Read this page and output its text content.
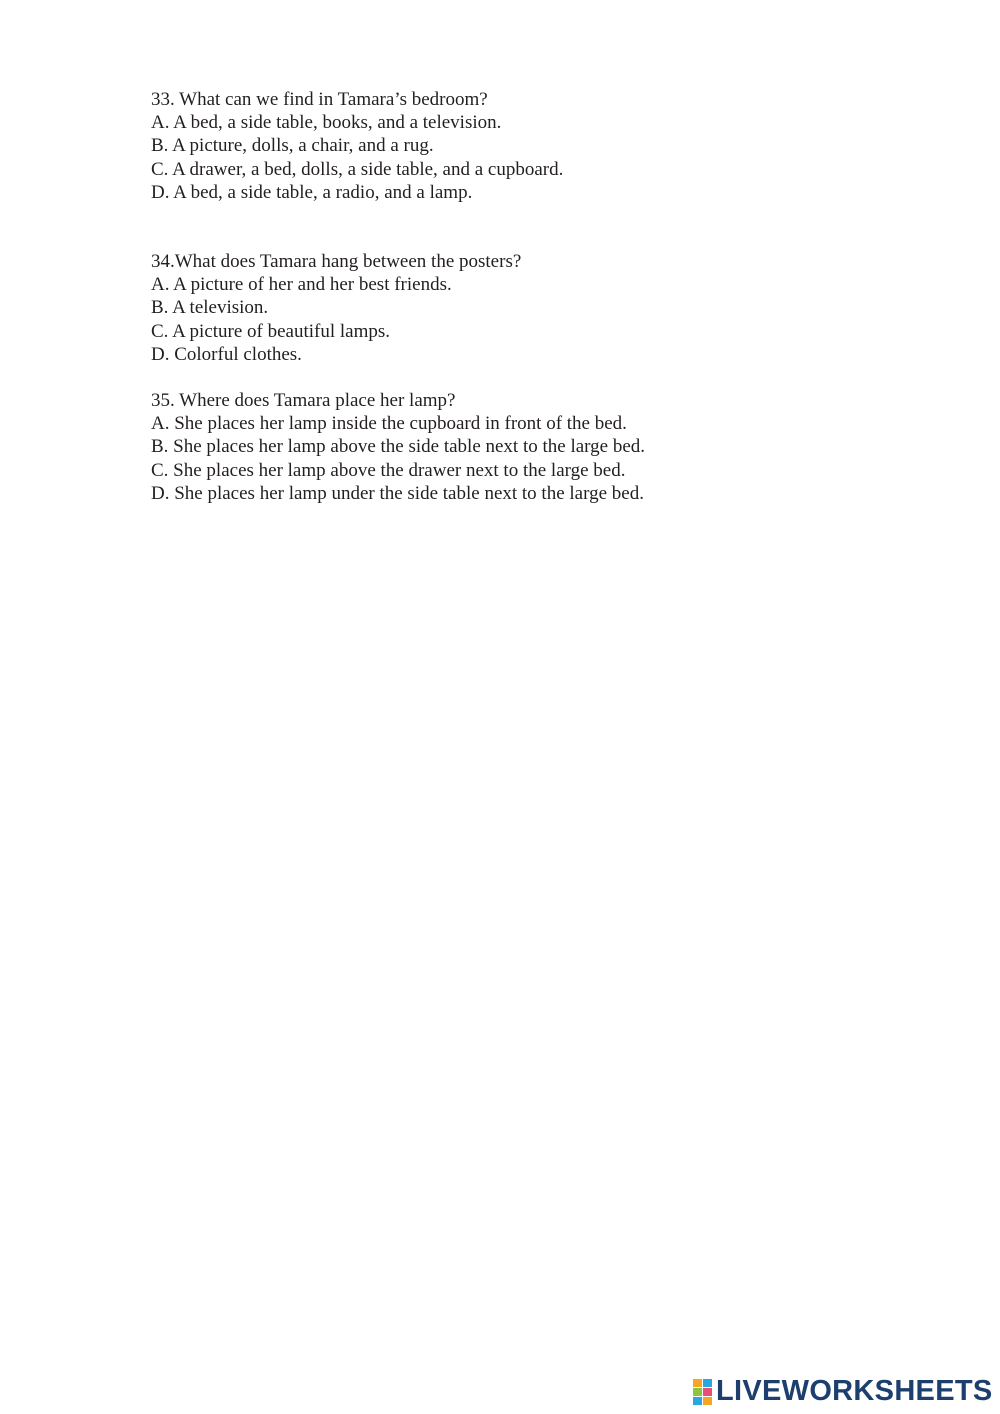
33. What can we find in Tamara’s bedroom?
A. A bed, a side table, books, and a television.
B. A picture, dolls, a chair, and a rug.
C. A drawer, a bed, dolls, a side table, and a cupboard.
D. A bed, a side table, a radio, and a lamp.
34.What does Tamara hang between the posters?
A. A picture of her and her best friends.
B. A television.
C. A picture of beautiful lamps.
D. Colorful clothes.
35. Where does Tamara place her lamp?
A. She places her lamp inside the cupboard in front of the bed.
B. She places her lamp above the side table next to the large bed.
C. She places her lamp above the drawer next to the large bed.
D. She places her lamp under the side table next to the large bed.
LIVEWORKSHEETS
